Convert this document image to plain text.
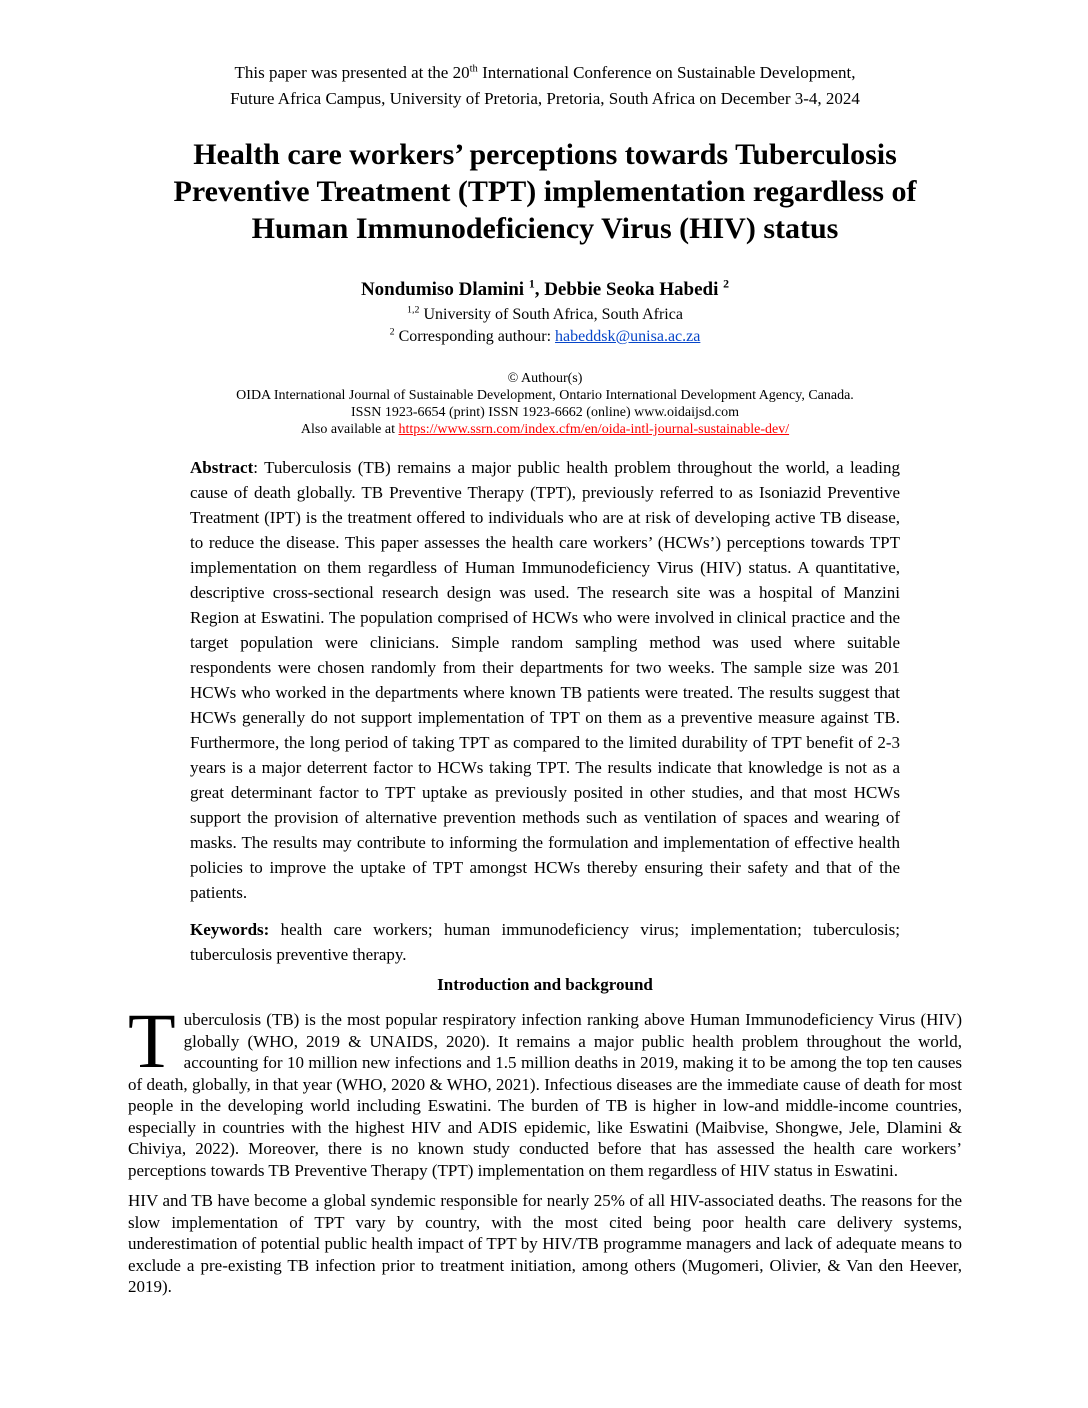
This paper was presented at the 20th International Conference on Sustainable Development,
Future Africa Campus, University of Pretoria, Pretoria, South Africa on December 3-4, 2024
Health care workers’ perceptions towards Tuberculosis
Preventive Treatment (TPT) implementation regardless of
Human Immunodeficiency Virus (HIV) status
Nondumiso Dlamini $^1$, Debbie Seoka Habedi $^2$
$^{1,2}$ University of South Africa, South Africa
$^2$ Corresponding authour: habeddsk@unisa.ac.za
© Authour(s)
OIDA International Journal of Sustainable Development, Ontario International Development Agency, Canada.
ISSN 1923-6654 (print) ISSN 1923-6662 (online) www.oidaijsd.com
Also available at https://www.ssrn.com/index.cfm/en/oida-intl-journal-sustainable-dev/

Abstract: Tuberculosis (TB) remains a major public health problem throughout the world, a leading cause of death globally. TB Preventive Therapy (TPT), previously referred to as Isoniazid Preventive Treatment (IPT) is the treatment offered to individuals who are at risk of developing active TB disease, to reduce the disease. This paper assesses the health care workers’ (HCWs’) perceptions towards TPT implementation on them regardless of Human Immunodeficiency Virus (HIV) status. A quantitative, descriptive cross-sectional research design was used. The research site was a hospital of Manzini Region at Eswatini. The population comprised of HCWs who were involved in clinical practice and the target population were clinicians. Simple random sampling method was used where suitable respondents were chosen randomly from their departments for two weeks. The sample size was 201 HCWs who worked in the departments where known TB patients were treated. The results suggest that HCWs generally do not support implementation of TPT on them as a preventive measure against TB. Furthermore, the long period of taking TPT as compared to the limited durability of TPT benefit of 2-3 years is a major deterrent factor to HCWs taking TPT. The results indicate that knowledge is not as a great determinant factor to TPT uptake as previously posited in other studies, and that most HCWs support the provision of alternative prevention methods such as ventilation of spaces and wearing of masks. The results may contribute to informing the formulation and implementation of effective health policies to improve the uptake of TPT amongst HCWs thereby ensuring their safety and that of the patients.

Keywords: health care workers; human immunodeficiency virus; implementation; tuberculosis; tuberculosis preventive therapy.

Introduction and background

Tuberculosis (TB) is the most popular respiratory infection ranking above Human Immunodeficiency Virus (HIV) globally (WHO, 2019 & UNAIDS, 2020). It remains a major public health problem throughout the world, accounting for 10 million new infections and 1.5 million deaths in 2019, making it to be among the top ten causes of death, globally, in that year (WHO, 2020 & WHO, 2021). Infectious diseases are the immediate cause of death for most people in the developing world including Eswatini. The burden of TB is higher in low-and middle-income countries, especially in countries with the highest HIV and ADIS epidemic, like Eswatini (Maibvise, Shongwe, Jele, Dlamini & Chiviya, 2022). Moreover, there is no known study conducted before that has assessed the health care workers’ perceptions towards TB Preventive Therapy (TPT) implementation on them regardless of HIV status in Eswatini.

HIV and TB have become a global syndemic responsible for nearly 25% of all HIV-associated deaths. The reasons for the slow implementation of TPT vary by country, with the most cited being poor health care delivery systems, underestimation of potential public health impact of TPT by HIV/TB programme managers and lack of adequate means to exclude a pre-existing TB infection prior to treatment initiation, among others (Mugomeri, Olivier, & Van den Heever, 2019).
